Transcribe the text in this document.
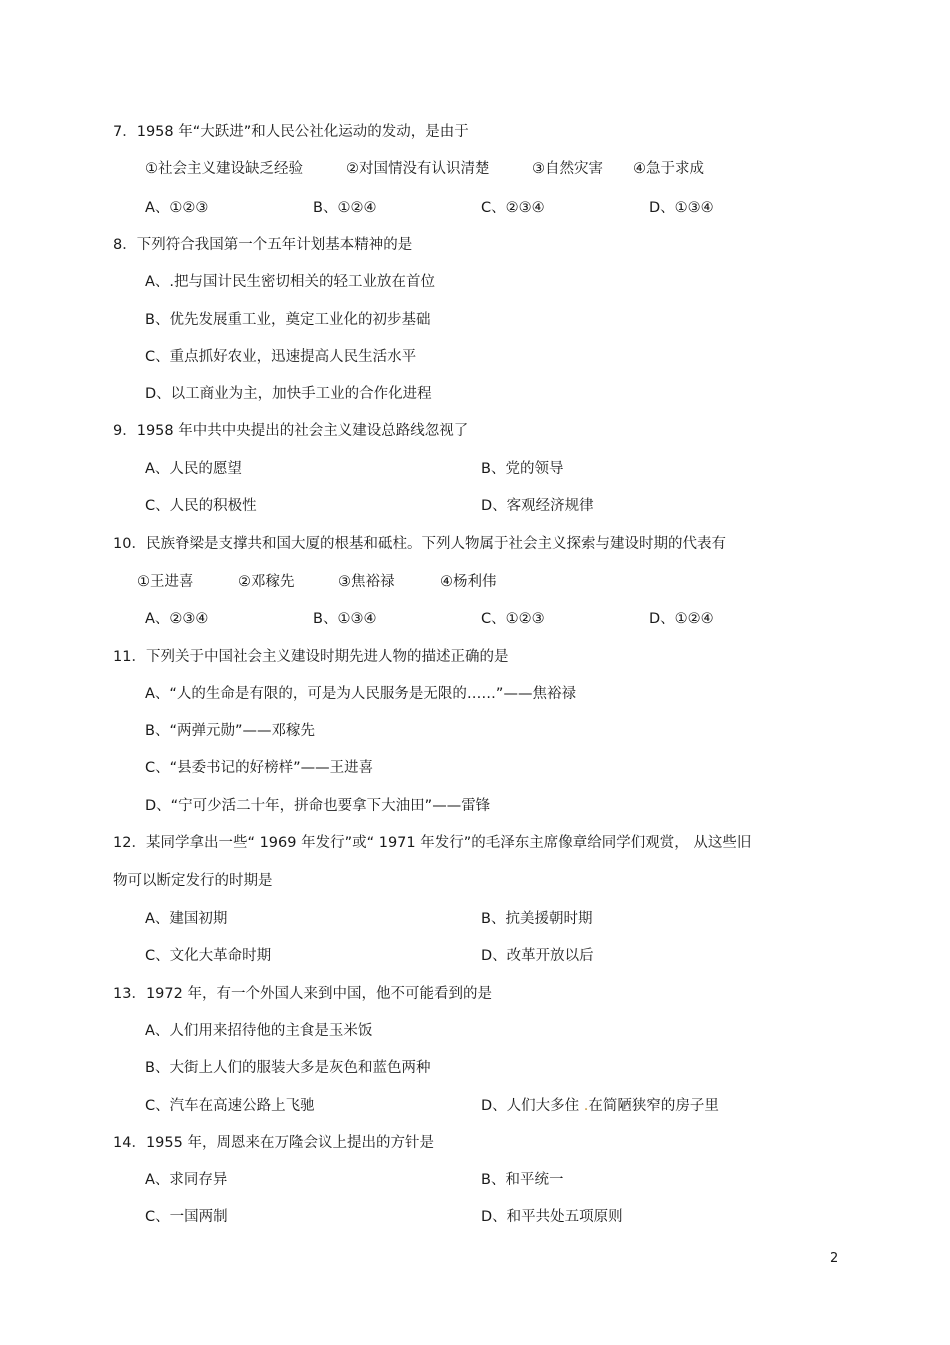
7．1958 年“大跃进”和人民公社化运动的发动，是由于
①社会主义建设缺乏经验	②对国情没有认识清楚	③自然灾害 ④急于求成
A、①②③	B、①②④	C、②③④	D、①③④
8．下列符合我国第一个五年计划基本精神的是
A、.把与国计民生密切相关的轻工业放在首位
B、优先发展重工业，奠定工业化的初步基础
C、重点抓好农业，迅速提高人民生活水平
D、以工商业为主，加快手工业的合作化进程
9．1958 年中共中央提出的社会主义建设总路线忽视了
A、人民的愿望	B、党的领导
C、人民的积极性	D、客观经济规律
10．民族脊梁是支撑共和国大厦的根基和砥柱。下列人物属于社会主义探索与建设时期的代表有
①王进喜	②邓稼先	③焦裕禄	④杨利伟
A、②③④	B、①③④	C、①②③	D、①②④
11．下列关于中国社会主义建设时期先进人物的描述正确的是
A、“人的生命是有限的，可是为人民服务是无限的……”——焦裕禄
B、“两弹元勋”——邓稼先
C、“县委书记的好榜样”——王进喜
D、“宁可少活二十年，拼命也要拿下大油田”——雷锋
12．某同学拿出一些“ 1969 年发行”或“ 1971 年发行”的毛泽东主席像章给同学们观赏， 从这些旧
物可以断定发行的时期是
A、建国初期	B、抗美援朝时期
C、文化大革命时期	D、改革开放以后
13．1972 年，有一个外国人来到中国，他不可能看到的是
A、人们用来招待他的主食是玉米饭
B、大街上人们的服装大多是灰色和蓝色两种
C、汽车在高速公路上飞驰	D、人们大多住 .在简陋狭窄的房子里
14．1955 年，周恩来在万隆会议上提出的方针是
A、求同存异	B、和平统一
C、一国两制	D、和平共处五项原则
2
